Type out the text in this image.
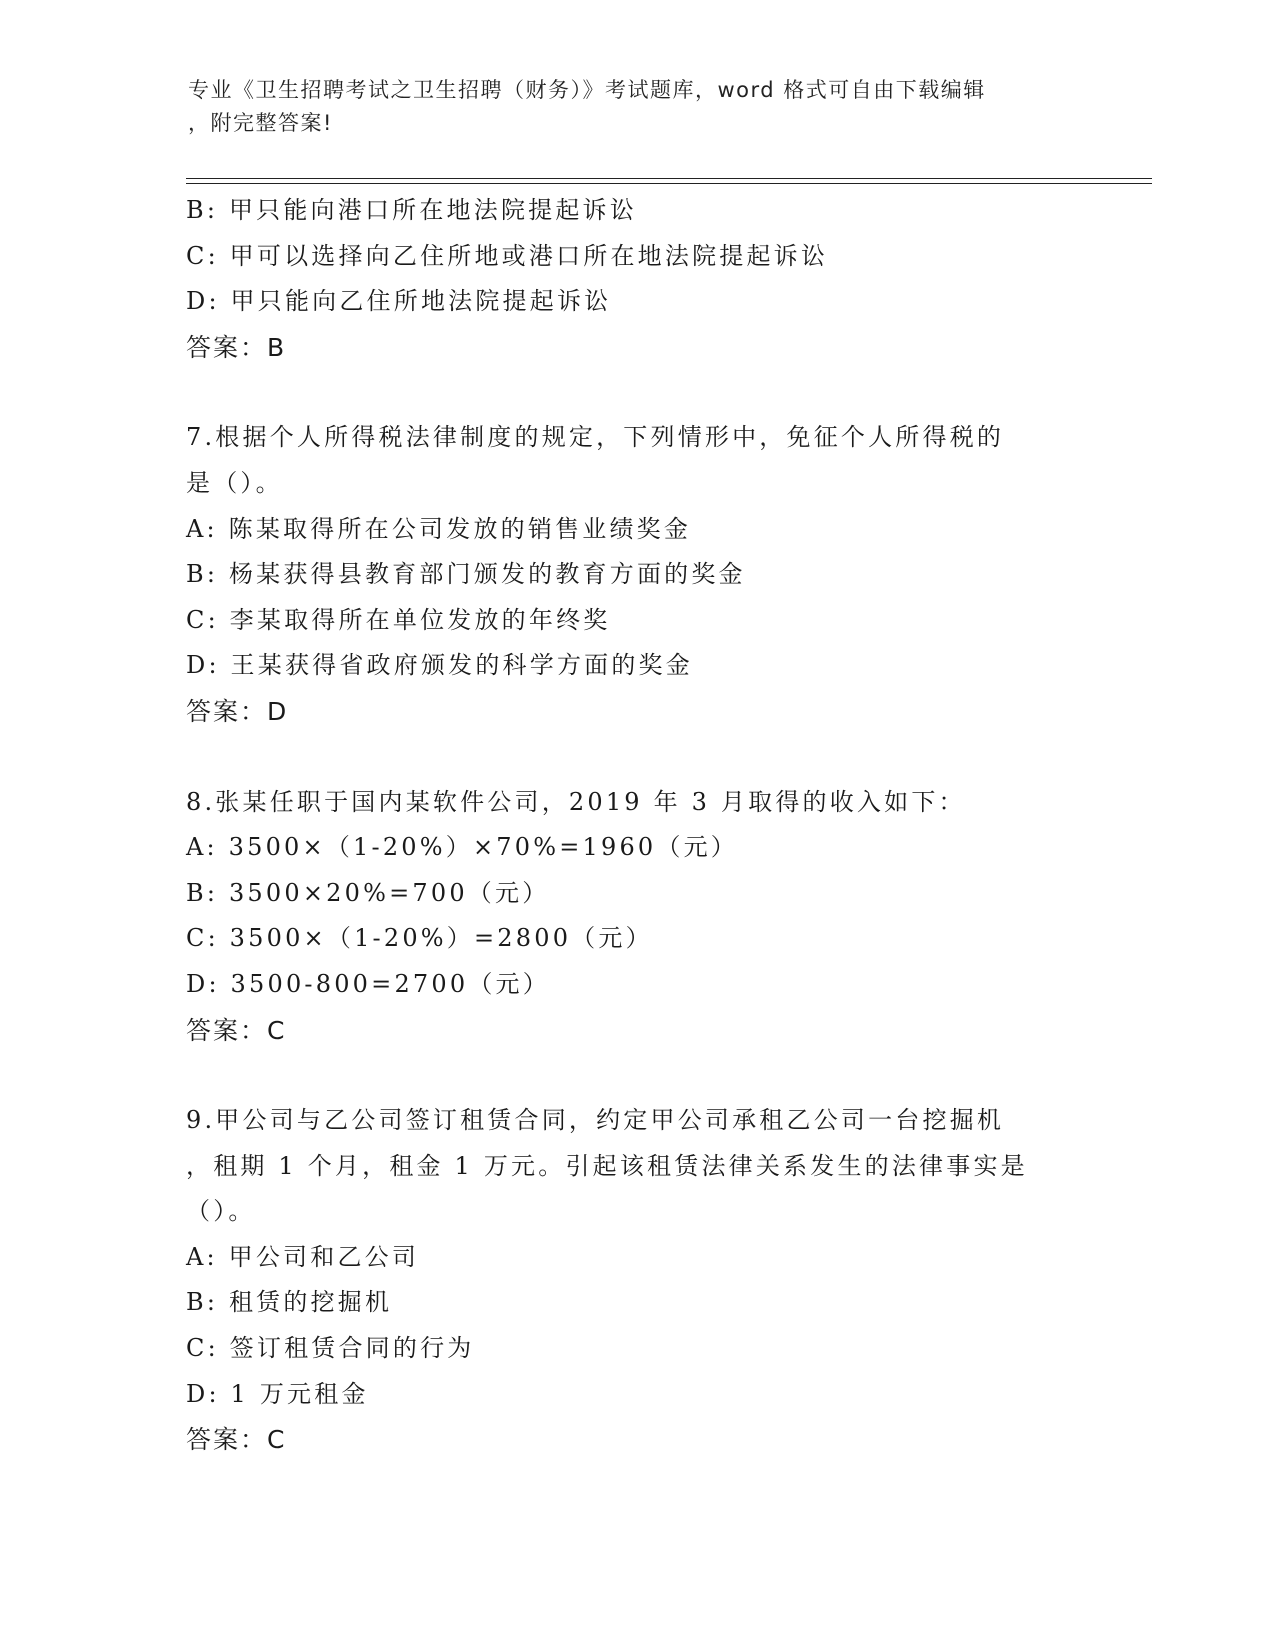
专业《卫生招聘考试之卫生招聘（财务）》考试题库，word 格式可自由下载编辑
，附完整答案!
B: 甲只能向港口所在地法院提起诉讼
C: 甲可以选择向乙住所地或港口所在地法院提起诉讼
D: 甲只能向乙住所地法院提起诉讼
答案：B
7.根据个人所得税法律制度的规定，下列情形中，免征个人所得税的
是（）。
A: 陈某取得所在公司发放的销售业绩奖金
B: 杨某获得县教育部门颁发的教育方面的奖金
C: 李某取得所在单位发放的年终奖
D: 王某获得省政府颁发的科学方面的奖金
答案：D
8.张某任职于国内某软件公司，2019 年 3 月取得的收入如下：
A: 3500×（1-20%）×70%=1960（元）
B: 3500×20%=700（元）
C: 3500×（1-20%）=2800（元）
D: 3500-800=2700（元）
答案：C
9.甲公司与乙公司签订租赁合同，约定甲公司承租乙公司一台挖掘机
，租期 1 个月，租金 1 万元。引起该租赁法律关系发生的法律事实是
（）。
A: 甲公司和乙公司
B: 租赁的挖掘机
C: 签订租赁合同的行为
D: 1 万元租金
答案：C
